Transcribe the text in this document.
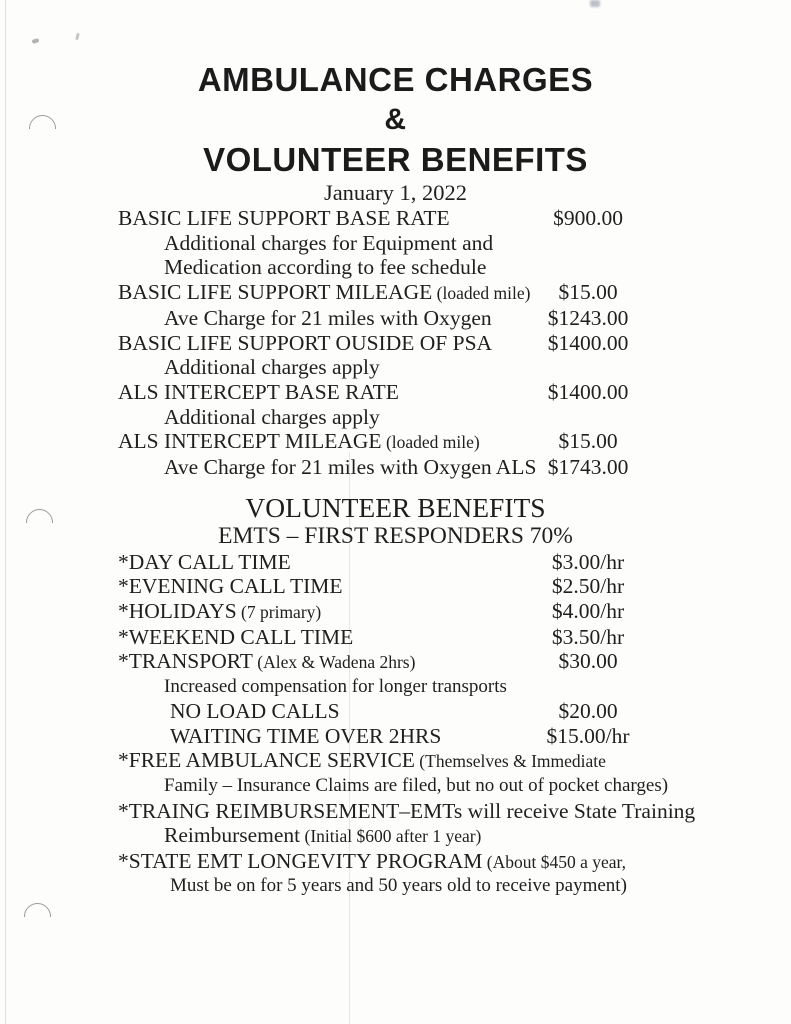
AMBULANCE CHARGES
&
VOLUNTEER BENEFITS
January 1, 2022
BASIC LIFE SUPPORT BASE RATE	$900.00
Additional charges for Equipment and
Medication according to fee schedule
BASIC LIFE SUPPORT MILEAGE (loaded mile)	$15.00
Ave Charge for 21 miles with Oxygen	$1243.00
BASIC LIFE SUPPORT OUSIDE OF PSA	$1400.00
Additional charges apply
ALS INTERCEPT BASE RATE	$1400.00
Additional charges apply
ALS INTERCEPT MILEAGE (loaded mile)	$15.00
Ave Charge for 21 miles with Oxygen ALS $1743.00
VOLUNTEER BENEFITS
EMTS – FIRST RESPONDERS 70%
*DAY CALL TIME	$3.00/hr
*EVENING CALL TIME	$2.50/hr
*HOLIDAYS (7 primary)	$4.00/hr
*WEEKEND CALL TIME	$3.50/hr
*TRANSPORT (Alex & Wadena 2hrs)	$30.00
Increased compensation for longer transports
NO LOAD CALLS	$20.00
WAITING TIME OVER 2HRS	$15.00/hr
*FREE AMBULANCE SERVICE (Themselves & Immediate
Family – Insurance Claims are filed, but no out of pocket charges)
*TRAING REIMBURSEMENT–EMTs will receive State Training
Reimbursement (Initial $600 after 1 year)
*STATE EMT LONGEVITY PROGRAM (About $450 a year,
Must be on for 5 years and 50 years old to receive payment)
